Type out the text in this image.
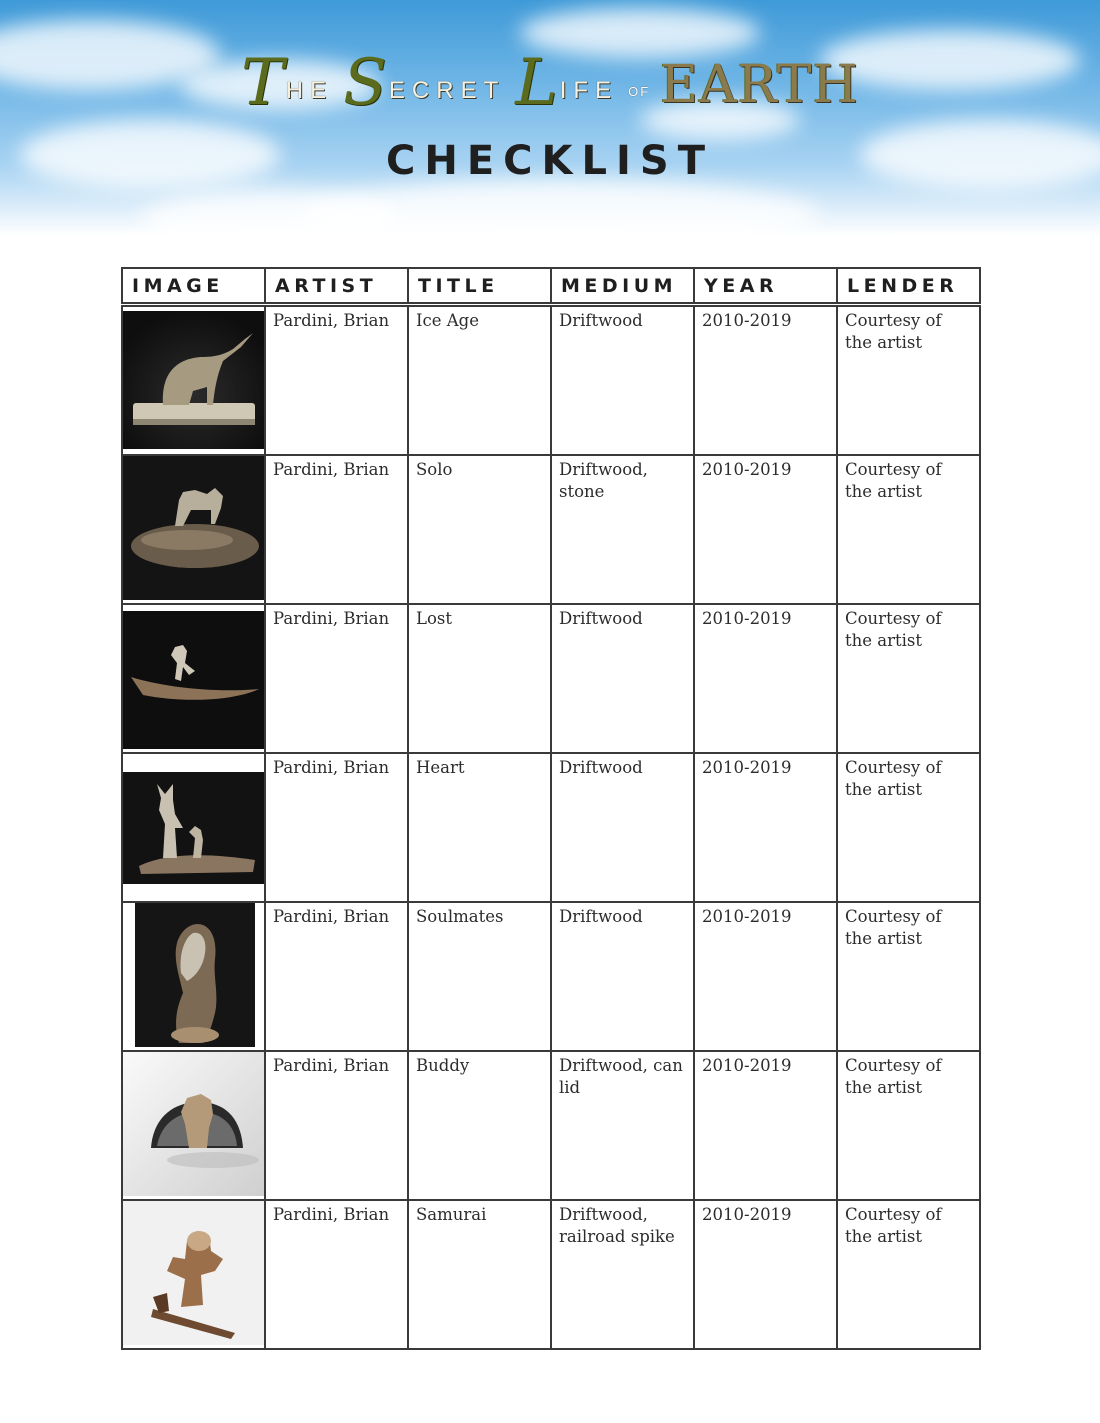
T HE S ECRET L IFE OF EARTH
CHECKLIST
IMAGE	ARTIST	TITLE	MEDIUM	YEAR	LENDER

	Pardini, Brian	Ice Age	Driftwood	2010-2019	Courtesy of the artist

	Pardini, Brian	Solo	Driftwood, stone	2010-2019	Courtesy of the artist

	Pardini, Brian	Lost	Driftwood	2010-2019	Courtesy of the artist

	Pardini, Brian	Heart	Driftwood	2010-2019	Courtesy of the artist

	Pardini, Brian	Soulmates	Driftwood	2010-2019	Courtesy of the artist

	Pardini, Brian	Buddy	Driftwood, can lid	2010-2019	Courtesy of the artist

	Pardini, Brian	Samurai	Driftwood, railroad spike	2010-2019	Courtesy of the artist
